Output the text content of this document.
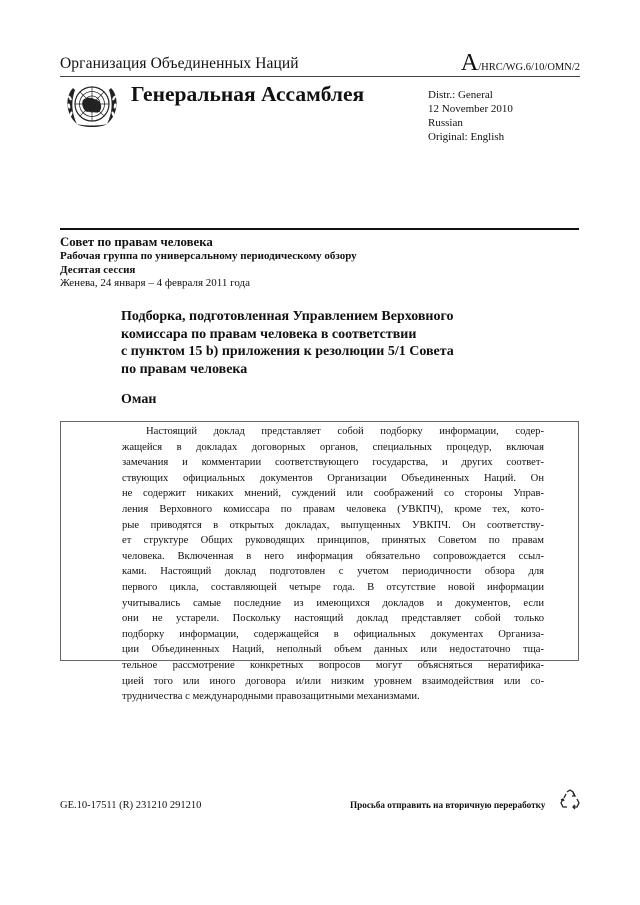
Организация Объединенных Наций	A/HRC/WG.6/10/OMN/2
Генеральная Ассамблея	Distr.: General
12 November 2010
Russian
Original: English
Совет по правам человека
Рабочая группа по универсальному периодическому обзору
Десятая сессия
Женева, 24 января – 4 февраля 2011 года
Подборка, подготовленная Управлением Верховного
комиссара по правам человека в соответствии
с пунктом 15 b) приложения к резолюции 5/1 Совета
по правам человека
Оман
Настоящий доклад представляет собой подборку информации, содер-
жащейся в докладах договорных органов, специальных процедур, включая
замечания и комментарии соответствующего государства, и других соответ-
ствующих официальных документов Организации Объединенных Наций. Он
не содержит никаких мнений, суждений или соображений со стороны Управ-
ления Верховного комиссара по правам человека (УВКПЧ), кроме тех, кото-
рые приводятся в открытых докладах, выпущенных УВКПЧ. Он соответству-
ет структуре Общих руководящих принципов, принятых Советом по правам
человека. Включенная в него информация обязательно сопровождается ссыл-
ками. Настоящий доклад подготовлен с учетом периодичности обзора для
первого цикла, составляющей четыре года. В отсутствие новой информации
учитывались самые последние из имеющихся докладов и документов, если
они не устарели. Поскольку настоящий доклад представляет собой только
подборку информации, содержащейся в официальных документах Организа-
ции Объединенных Наций, неполный объем данных или недостаточно тща-
тельное рассмотрение конкретных вопросов могут объясняться нератифика-
цией того или иного договора и/или низким уровнем взаимодействия или со-
трудничества с международными правозащитными механизмами.
GE.10-17511 (R) 231210 291210	Просьба отправить на вторичную переработку
